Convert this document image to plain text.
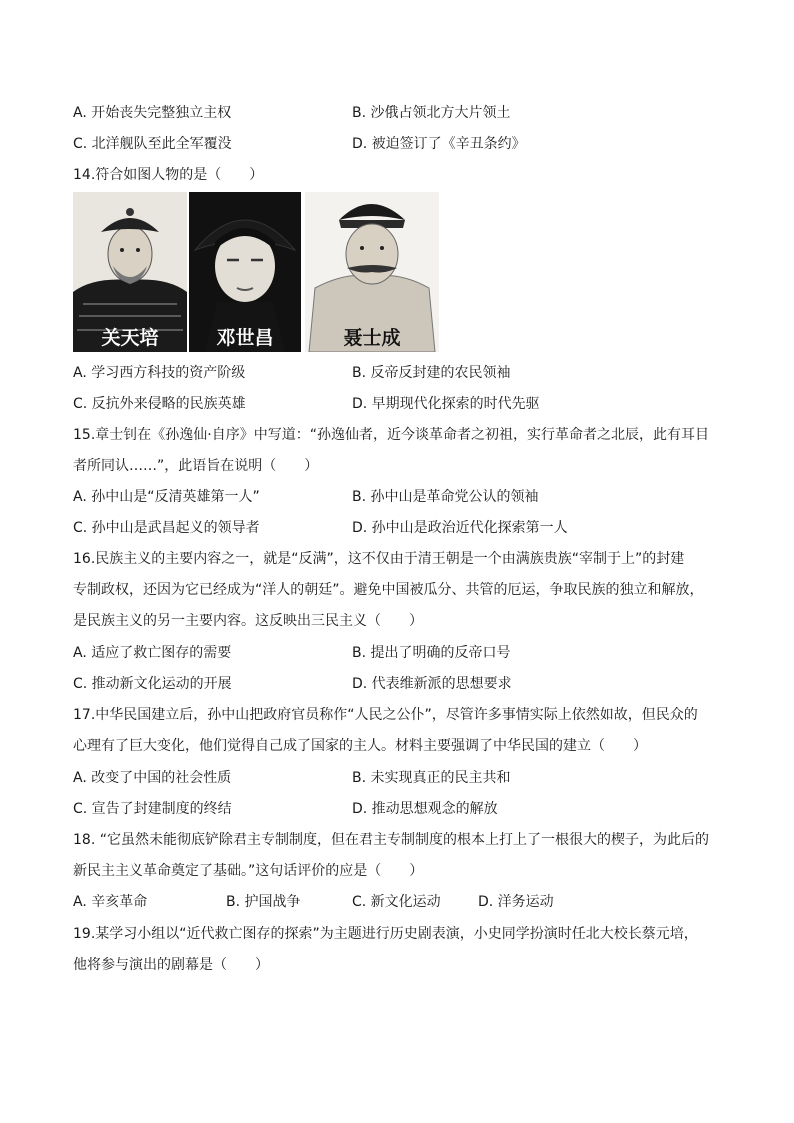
A. 开始丧失完整独立主权	B. 沙俄占领北方大片领土
C. 北洋舰队至此全军覆没	D. 被迫签订了《辛丑条约》
14.符合如图人物的是（　　）
关天培	邓世昌	聂士成
A. 学习西方科技的资产阶级	B. 反帝反封建的农民领袖
C. 反抗外来侵略的民族英雄	D. 早期现代化探索的时代先驱
15.章士钊在《孙逸仙·自序》中写道：“孙逸仙者，近今谈革命者之初祖，实行革命者之北辰，此有耳目
者所同认……”，此语旨在说明（　　）
A. 孙中山是“反清英雄第一人”	B. 孙中山是革命党公认的领袖
C. 孙中山是武昌起义的领导者	D. 孙中山是政治近代化探索第一人
16.民族主义的主要内容之一，就是“反满”，这不仅由于清王朝是一个由满族贵族“宰制于上”的封建
专制政权，还因为它已经成为“洋人的朝廷”。避免中国被瓜分、共管的厄运，争取民族的独立和解放，
是民族主义的另一主要内容。这反映出三民主义（　　）
A. 适应了救亡图存的需要	B. 提出了明确的反帝口号
C. 推动新文化运动的开展	D. 代表维新派的思想要求
17.中华民国建立后，孙中山把政府官员称作“人民之公仆”，尽管许多事情实际上依然如故，但民众的
心理有了巨大变化，他们觉得自己成了国家的主人。材料主要强调了中华民国的建立（　　）
A. 改变了中国的社会性质	B. 未实现真正的民主共和
C. 宣告了封建制度的终结	D. 推动思想观念的解放
18. “它虽然未能彻底铲除君主专制制度，但在君主专制制度的根本上打上了一根很大的楔子，为此后的
新民主主义革命奠定了基础。”这句话评价的应是（　　）
A. 辛亥革命	B. 护国战争	C. 新文化运动	D. 洋务运动
19.某学习小组以“近代救亡图存的探索”为主题进行历史剧表演，小史同学扮演时任北大校长蔡元培，
他将参与演出的剧幕是（　　）
